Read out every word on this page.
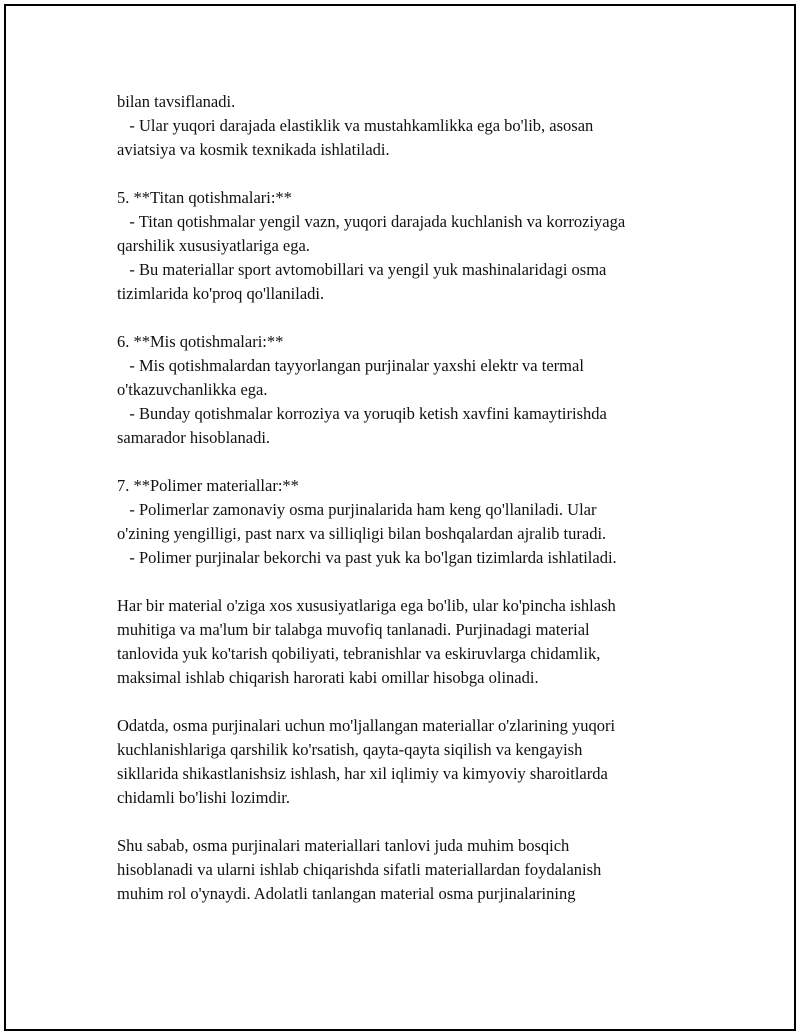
bilan tavsiflanadi.
- Ular yuqori darajada elastiklik va mustahkamlikka ega bo'lib, asosan
aviatsiya va kosmik texnikada ishlatiladi.
5. **Titan qotishmalari:**
- Titan qotishmalar yengil vazn, yuqori darajada kuchlanish va korroziyaga
qarshilik xususiyatlariga ega.
- Bu materiallar sport avtomobillari va yengil yuk mashinalaridagi osma
tizimlarida ko'proq qo'llaniladi.
6. **Mis qotishmalari:**
- Mis qotishmalardan tayyorlangan purjinalar yaxshi elektr va termal
o'tkazuvchanlikka ega.
- Bunday qotishmalar korroziya va yoruqib ketish xavfini kamaytirishda
samarador hisoblanadi.
7. **Polimer materiallar:**
- Polimerlar zamonaviy osma purjinalarida ham keng qo'llaniladi. Ular
o'zining yengilligi, past narx va silliqligi bilan boshqalardan ajralib turadi.
- Polimer purjinalar bekorchi va past yuk ka bo'lgan tizimlarda ishlatiladi.
Har bir material o'ziga xos xususiyatlariga ega bo'lib, ular ko'pincha ishlash
muhitiga va ma'lum bir talabga muvofiq tanlanadi. Purjinadagi material
tanlovida yuk ko'tarish qobiliyati, tebranishlar va eskiruvlarga chidamlik,
maksimal ishlab chiqarish harorati kabi omillar hisobga olinadi.
Odatda, osma purjinalari uchun mo'ljallangan materiallar o'zlarining yuqori
kuchlanishlariga qarshilik ko'rsatish, qayta-qayta siqilish va kengayish
sikllarida shikastlanishsiz ishlash, har xil iqlimiy va kimyoviy sharoitlarda
chidamli bo'lishi lozimdir.
Shu sabab, osma purjinalari materiallari tanlovi juda muhim bosqich
hisoblanadi va ularni ishlab chiqarishda sifatli materiallardan foydalanish
muhim rol o'ynaydi. Adolatli tanlangan material osma purjinalarining
